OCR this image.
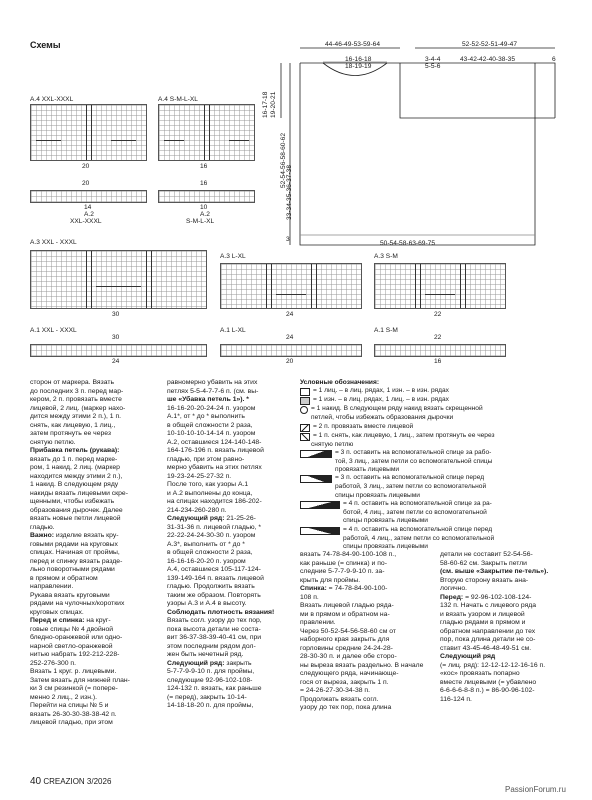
Схемы	44-46-49-53-59-64
16-16-18
18-19-19
3-4-4
5-5-6
52-52-52-51-49-47
43-42-42-40-38-35	6
16-17-18 19-20-21
52-54-56-58-60-62
33-34-35-36-37-38
3
50-54-58-63-69-75
A.4 XXL-XXXL
20
A.4 S-M-L-XL
16
20	16
14	10
A.2	A.2
XXL-XXXL	S-M-L-XL
A.3 XXL - XXXL
30
A.3 L-XL
24
A.3 S-M
22
A.1 XXL - XXXL
30
24
A.1 L-XL
24
20
A.1 S-M
22
16

сторон от маркера. Вязать

до последних 3 п. перед мар-

кером, 2 п. провязать вместе

лицевой, 2 лиц. (маркер нахо-

дится между этими 2 п.), 1 п.

снять, как лицевую, 1 лиц.,

затем протянуть ее через

снятую петлю.

Прибавка петель (рукава):

вязать до 1 п. перед марке-

ром, 1 накид, 2 лиц. (маркер

находится между этими 2 п.),

1 накид. В следующем ряду

накиды вязать лицевыми скре-

щенными, чтобы избежать

образования дырочек. Далее

вязать новые петли лицевой

гладью.

Важно: изделие вязать кру-

говыми рядами на круговых

спицах. Начиная от проймы,

перед и спинку вязать разде-

льно поворотными рядами

в прямом и обратном

направлении.

Рукава вязать круговыми

рядами на чулочных/коротких

круговых спицах.

Перед и спинка: на круг-

говые спицы № 4 двойной

бледно-оранжевой или одно-

нарной светло-оранжевой

нитью набрать 192-212-228-

252-276-300 п.

Вязать 1 круг. р. лицевыми.

Затем вязать для нижней план-

ки 3 см резинкой (= попере-

менно 2 лиц., 2 изн.).

Перейти на спицы № 5 и

вязать 26-30-30-38-38-42 п.

лицевой гладью, при этом

равномерно убавить на этих

петлях 5-5-4-7-7-6 п. (см. вы-

ше «Убавка петель 1»). *

16-16-20-20-24-24 п. узором

А.1*, от * до * выполнить

в общей сложности 2 раза,

10-10-10-10-14-14 п. узором

А.2, оставшиеся 124-140-148-

164-176-196 п. вязать лицевой

гладью, при этом равно-

мерно убавить на этих петлях

19-23-24-25-27-32 п.

После того, как узоры А.1

и А.2 выполнены до конца,

на спицах находится 186-202-

214-234-260-280 п.

Следующий ряд: 21-25-26-

31-31-36 п. лицевой гладью, *

22-22-24-24-30-30 п. узором

А.3*, выполнить от * до *

в общей сложности 2 раза,

16-16-16-20-20 п. узором

А.4, оставшиеся 105-117-124-

139-149-164 п. вязать лицевой

гладью. Продолжить вязать

таким же образом. Повторять

узоры А.3 и А.4 в высоту.

Соблюдать плотность вязания!

Вязать согл. узору до тех пор,

пока высота детали не соста-

вит 36-37-38-39-40-41 см, при

этом последним рядом дол-

жен быть нечетный ряд.

Следующий ряд: закрыть

5-7-7-9-9-10 п. для проймы,

следующие 92-96-102-108-

124-132 п. вязать, как раньше

(= перед), закрыть 10-14-

14-18-18-20 п. для проймы,

Условные обозначения:

= 1 лиц. – в лиц. рядах, 1 изн. – в изн. рядах
= 1 изн. – в лиц. рядах, 1 лиц. – в изн. рядах
= 1 накид. В следующем ряду накид вязать скрещенной

петлей, чтобы избежать образования дырочки

= 2 п. провязать вместе лицевой
= 1 п. снять, как лицевую, 1 лиц., затем протянуть ее через

снятую петлю

= 3 п. оставить на вспомогательной спице за рабо-

той, 3 лиц., затем петли со вспомогательной спицы

провязать лицевыми

= 3 п. оставить на вспомогательной спице перед

работой, 3 лиц., затем петли со вспомогательной

спицы провязать лицевыми

= 4 п. оставить на вспомогательной спице за ра-

ботой, 4 лиц., затем петли со вспомогательной

спицы провязать лицевыми

= 4 п. оставить на вспомогательной спице перед

работой, 4 лиц., затем петли со вспомогательной

спицы провязать лицевыми

вязать 74-78-84-90-100-108 п.,

как раньше (= спинка) и по-

следние 5-7-7-9-9-10 п. за-

крыть для проймы.

Спинка: = 74-78-84-90-100-

108 п.

Вязать лицевой гладью рядa-

ми в прямом и обратном на-

правлении.

Через 50-52-54-56-58-60 см от

наборного края закрыть для

горловины средние 24-24-28-

28-30-30 п. и далее обе сторо-

ны вырезa вязать раздельно. В начале

следующего ряда, начинающе-

гося от выреза, закрыть 1 п.

= 24-26-27-30-34-38 п.

Продолжать вязать согл.

узору до тех пор, пока длина

детали не составит 52-54-56-

58-60-62 см. Закрыть петли

(см. выше «Закрытие пе-тель»).

Вторую сторону вязать ана-

логично.

Перед: = 92-96-102-108-124-

132 п. Начать с лицевого ряда

и вязать узором и лицевой

гладью рядами в прямом и

обратном направлении до тех

пор, пока длина детали не со-

ставит 43-45-46-48-49-51 см.

Следующий ряд

(= лиц. ряд): 12-12-12-12-16-16 п.

«кос» провязать попарно

вместе лицевыми (= убавлено

6-6-6-6-8-8 п.) = 86-90-96-102-

116-124 п.

40 CREAZION 3/2026
PassionForum.ru
